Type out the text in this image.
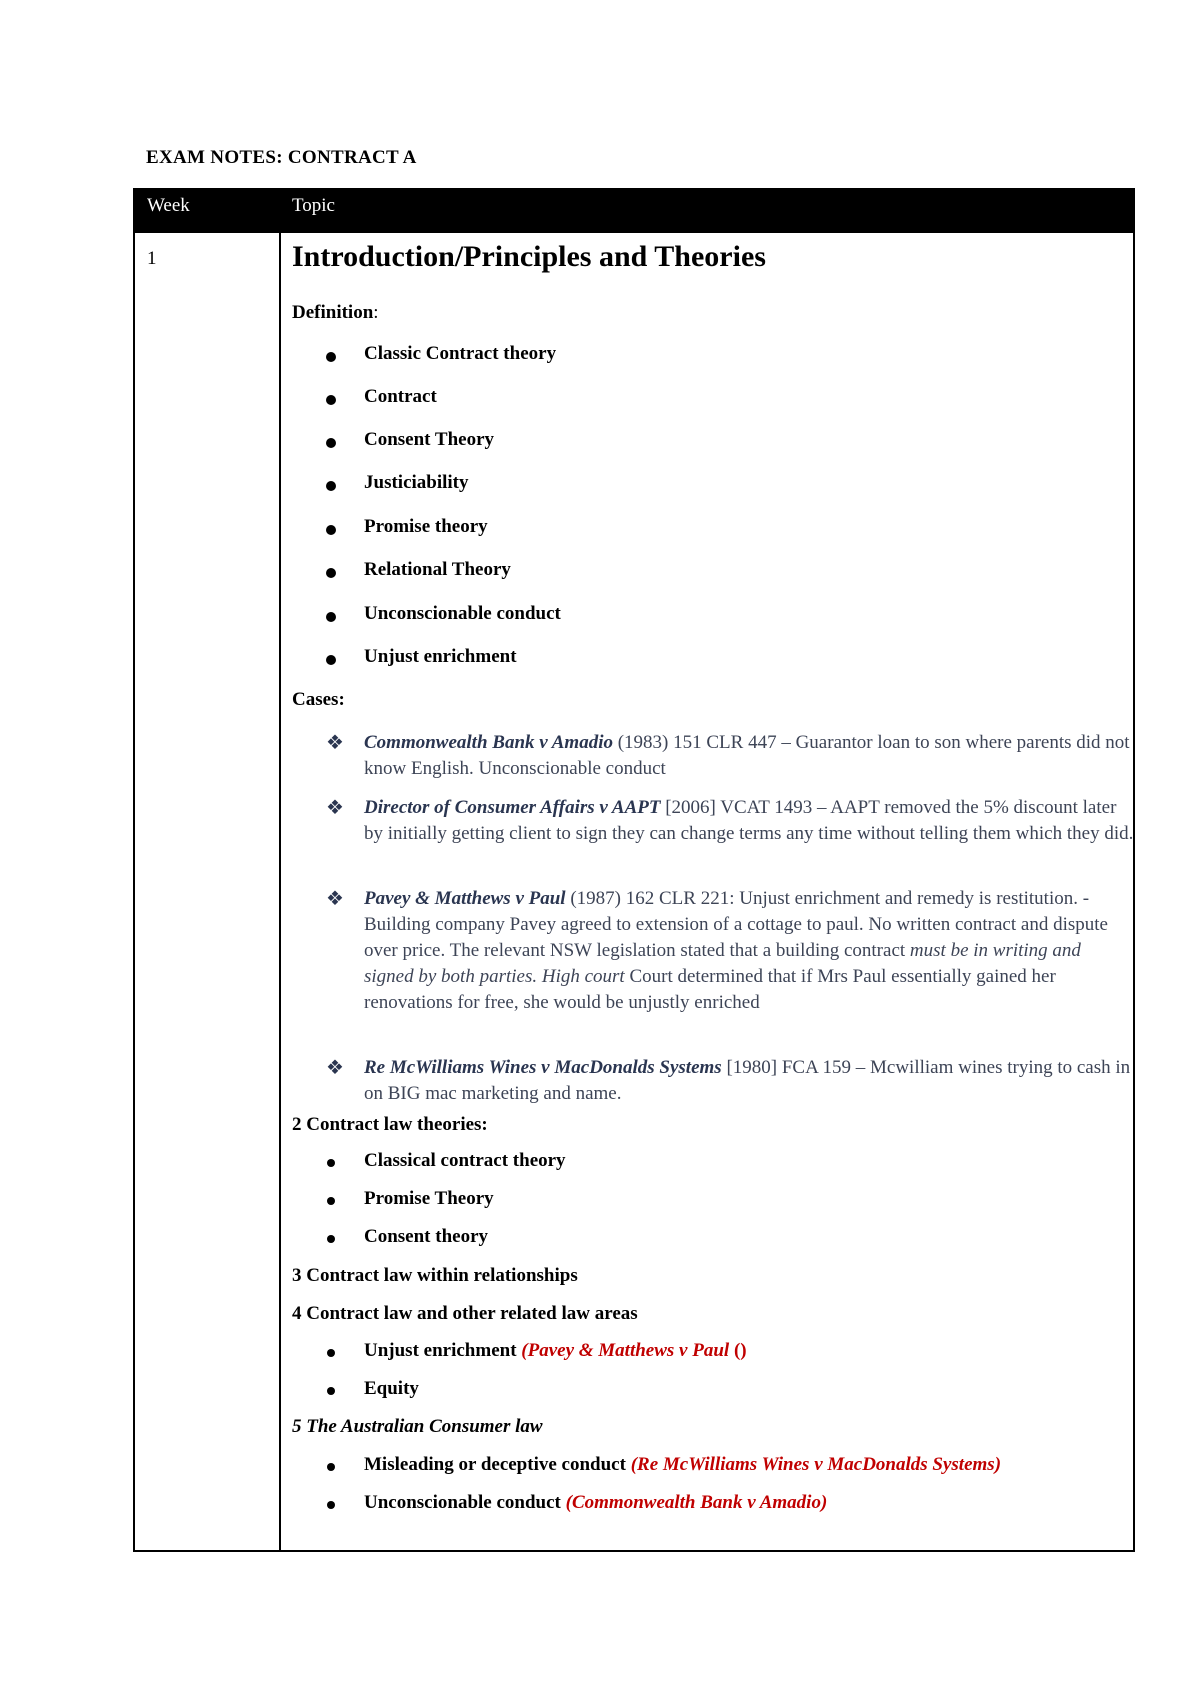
EXAM NOTES: CONTRACT A
Week	Topic
1	Introduction/Principles and Theories
Definition:
Classic Contract theory
Contract
Consent Theory
Justiciability
Promise theory
Relational Theory
Unconscionable conduct
Unjust enrichment
Cases:
❖ Commonwealth Bank v Amadio (1983) 151 CLR 447 – Guarantor loan to son where parents did not know English. Unconscionable conduct
❖ Director of Consumer Affairs v AAPT [2006] VCAT 1493 – AAPT removed the 5% discount later by initially getting client to sign they can change terms any time without telling them which they did.
❖ Pavey & Matthews v Paul (1987) 162 CLR 221: Unjust enrichment and remedy is restitution. -Building company Pavey agreed to extension of a cottage to paul. No written contract and dispute over price. The relevant NSW legislation stated that a building contract must be in writing and signed by both parties. High court Court determined that if Mrs Paul essentially gained her renovations for free, she would be unjustly enriched
❖ Re McWilliams Wines v MacDonalds Systems [1980] FCA 159 – Mcwilliam wines trying to cash in on BIG mac marketing and name.
2 Contract law theories:
Classical contract theory
Promise Theory
Consent theory
3 Contract law within relationships
4 Contract law and other related law areas
Unjust enrichment (Pavey & Matthews v Paul ()
Equity
5 The Australian Consumer law
Misleading or deceptive conduct (Re McWilliams Wines v MacDonalds Systems)
Unconscionable conduct (Commonwealth Bank v Amadio)
